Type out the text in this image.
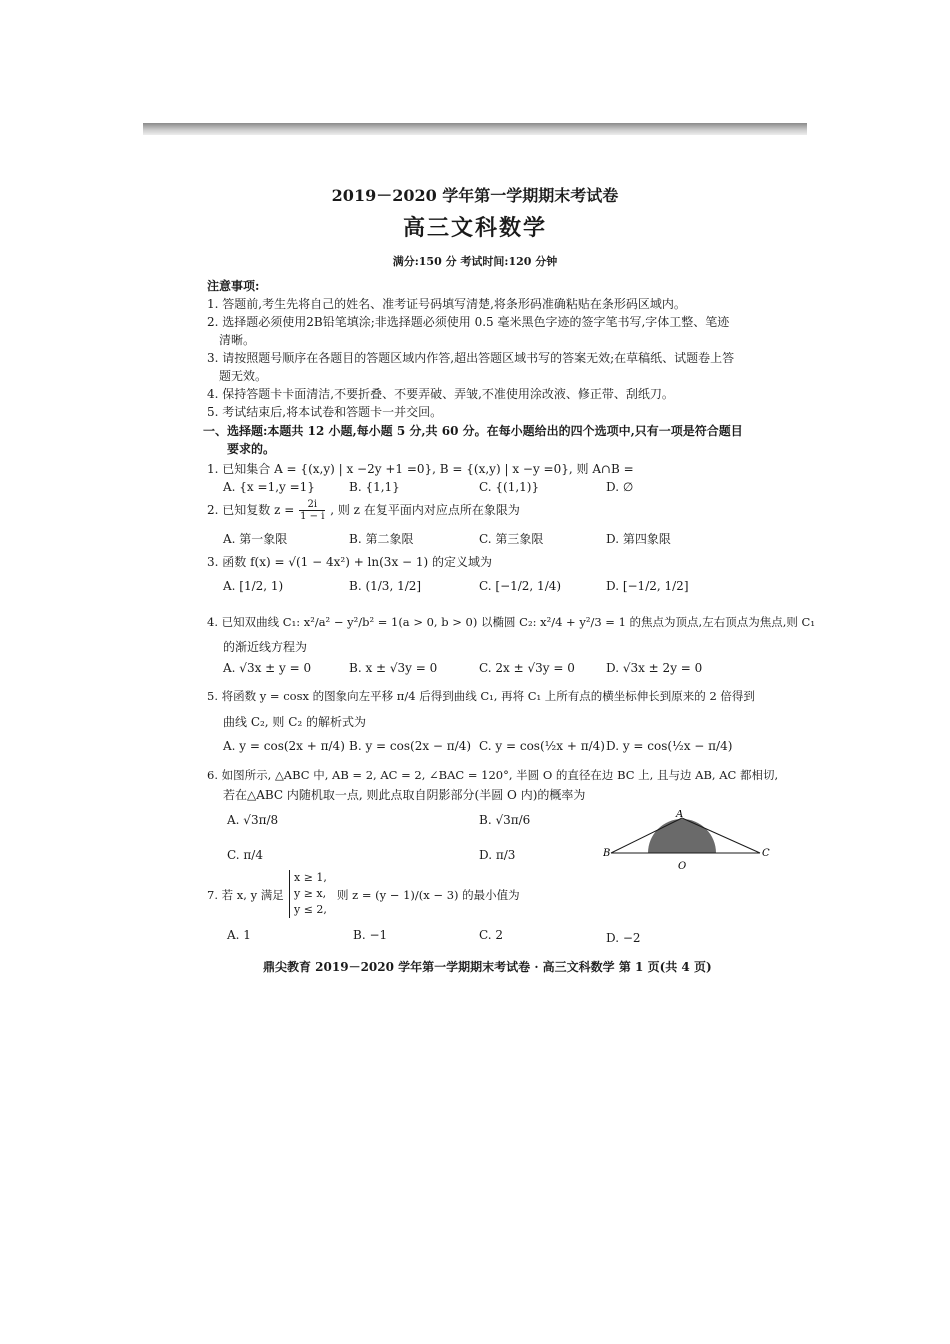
2019－2020 学年第一学期期末考试卷
高三文科数学
满分:150 分 考试时间:120 分钟
注意事项:
1. 答题前,考生先将自己的姓名、准考证号码填写清楚,将条形码准确粘贴在条形码区域内。
2. 选择题必须使用2B铅笔填涂;非选择题必须使用 0.5 毫米黑色字迹的签字笔书写,字体工整、笔迹
清晰。
3. 请按照题号顺序在各题目的答题区域内作答,超出答题区域书写的答案无效;在草稿纸、试题卷上答
题无效。
4. 保持答题卡卡面清洁,不要折叠、不要弄破、弄皱,不准使用涂改液、修正带、刮纸刀。
5. 考试结束后,将本试卷和答题卡一并交回。
一、选择题:本题共 12 小题,每小题 5 分,共 60 分。在每小题给出的四个选项中,只有一项是符合题目
要求的。
1. 已知集合 A = {(x,y) | x −2y +1 =0}, B = {(x,y) | x −y =0}, 则 A∩B =
A. {x =1,y =1}	B. {1,1}	C. {(1,1)}	D. ∅
2. 已知复数 $z = \frac{2i}{1 - i}$ , 则 z 在复平面内对应点所在象限为
A. 第一象限	B. 第二象限	C. 第三象限	D. 第四象限
3. 函数 f(x) = √(1 − 4x²) + ln(3x − 1) 的定义域为
A. [1/2, 1)	B. (1/3, 1/2]	C. [−1/2, 1/4)	D. [−1/2, 1/2]
4. 已知双曲线 C₁: x²/a² − y²/b² = 1(a > 0, b > 0) 以椭圆 C₂: x²/4 + y²/3 = 1 的焦点为顶点,左右顶点为焦点,则 C₁
的渐近线方程为
A. √3x ± y = 0	B. x ± √3y = 0	C. 2x ± √3y = 0	D. √3x ± 2y = 0
5. 将函数 y = cosx 的图象向左平移 π/4 后得到曲线 C₁, 再将 C₁ 上所有点的横坐标伸长到原来的 2 倍得到
曲线 C₂, 则 C₂ 的解析式为
A. y = cos(2x + π/4) B. y = cos(2x − π/4) C. y = cos(½x + π/4) D. y = cos(½x − π/4)
6. 如图所示, △ABC 中, AB = 2, AC = 2, ∠BAC = 120°, 半圆 O 的直径在边 BC 上, 且与边 AB, AC 都相切,
若在△ABC 内随机取一点, 则此点取自阴影部分(半圆 O 内)的概率为
A. √3π/8	B. √3π/6
C. π/4	D. π/3
A
B	C
O
7. 若 x, y 满足
x ≥ 1,
y ≥ x,
y ≤ 2,
则 z = (y − 1)/(x − 3) 的最小值为
A. 1	B. −1	C. 2	D. −2
鼎尖教育 2019－2020 学年第一学期期末考试卷 · 高三文科数学 第 1 页(共 4 页)
